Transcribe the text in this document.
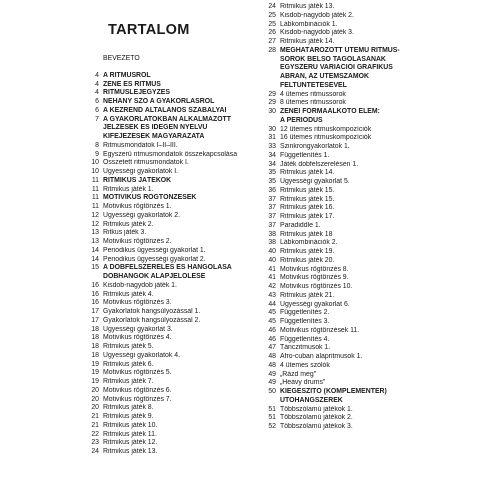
TARTALOM
BEVEZETŐ
4 A RITMUSRÓL
4 ZENE ÉS RITMUS
4 RITMUSLEJEGYZÉS
6 NÉHÁNY SZÓ A GYAKORLÁSRÓL
6 A KÉZREND ÁLTALÁNOS SZABÁLYAI
7 A GYAKORLATOKBAN ALKALMAZOTT
JELZÉSEK ÉS IDEGEN NYELVŰ
KIFEJEZÉSEK MAGYARÁZATA
8 Ritmusmondatok I–II–III.
9 Egyszerű ritmusmondatok összekapcsolása
10 Összetett ritmusmondatok I.
10 Ügyességi gyakorlatok I.
11 RITMIKUS JÁTÉKOK
11 Ritmikus játék 1.
11 MOTIVIKUS RÖGTÖNZÉSEK
11 Motivikus rögtönzés 1.
12 Ügyességi gyakorlatok 2.
12 Ritmikus játék 2.
13 Ritkus játék 3.
13 Motivikus rögtönzés 2.
14 Periodikus ügyességi gyakorlat 1.
14 Periodikus ügyességi gyakorlat 2.
15 A DOBFELSZERELÉS ÉS HANGOLÁSA
DOBHANGOK ALAPJELÖLÉSE
16 Kisdob-nagydob játék 1.
16 Ritmikus játék 4.
16 Motivikus rögtönzés 3.
17 Gyakorlatok hangsúlyozással 1.
17 Gyakorlatok hangsúlyozással 2.
18 Ügyességi gyakorlat 3.
18 Motivikus rögtönzés 4.
18 Ritmikus játék 5.
18 Ügyességi gyakorlatok 4.
19 Ritmikus játék 6.
19 Motivikus rögtönzés 5.
19 Ritmikus játék 7.
20 Motivikus rögtönzés 6.
20 Motivikus rögtönzés 7.
20 Ritmikus játék 8.
21 Ritmikus játék 9.
21 Ritmikus játék 10.
22 Ritmikus játék 11.
23 Ritmikus játék 12.
24 Ritmikus játék 13.
24 Ritmikus játék 13.
25 Kisdob-nagydob játék 2.
25 Lábkombinációk 1.
26 Kisdob-nagydob játék 3.
27 Ritmikus játék 14.
28 MEGHATÁROZOTT ÜTEMŰ RITMUS-
SOROK BELSŐ TAGOLÁSÁNAK
EGYSZERŰ VARIÁCIÓI GRAFIKUS
ÁBRÁN, AZ ÜTEMSZÁMOK
FELTÜNTETÉSÉVEL
29 4 ütemes ritmussorok
29 8 ütemes ritmussorok
30 ZENEI FORMAALKOTÓ ELEM:
A PERIÓDUS
30 12 ütemes ritmuskompozíciók
31 16 ütemes ritmuskompozíciók
33 Szinkrongyakorlatok 1.
34 Függetlenítés 1.
34 Játék dobfelszerelésen 1.
35 Ritmikus játék 14.
35 Ügyességi gyakorlat 5.
36 Ritmikus játék 15.
37 Ritmikus játék 15.
37 Ritmikus játék 16.
37 Ritmikus játék 17.
37 Paradiddle 1.
38 Ritmikus játék 18
38 Lábkombinációk 2.
40 Ritmikus játék 19.
40 Ritmikus játék 20.
41 Motivikus rögtönzés 8.
41 Motivikus rögtönzés 9.
42 Motivikus rögtönzés 10.
43 Ritmikus játék 21.
44 Ügyességi gyakorlat 6.
45 Függetlenítés 2.
45 Függetlenítés 3.
46 Motivikus rögtönzések 11.
46 Függetlenítés 4.
47 Tánczitmusok 1.
48 Afro-cuban alapritmusok 1.
48 4 ütemes szólók
49 „Rázd meg”
49 „Heavy drums”
50 KIEGÉSZÍTŐ (KOMPLEMENTER)
ÜTŐHANGSZEREK
51 Többszólamú játékok 1.
51 Többszólamú játékok 2.
52 Többszólamú játékok 3.
